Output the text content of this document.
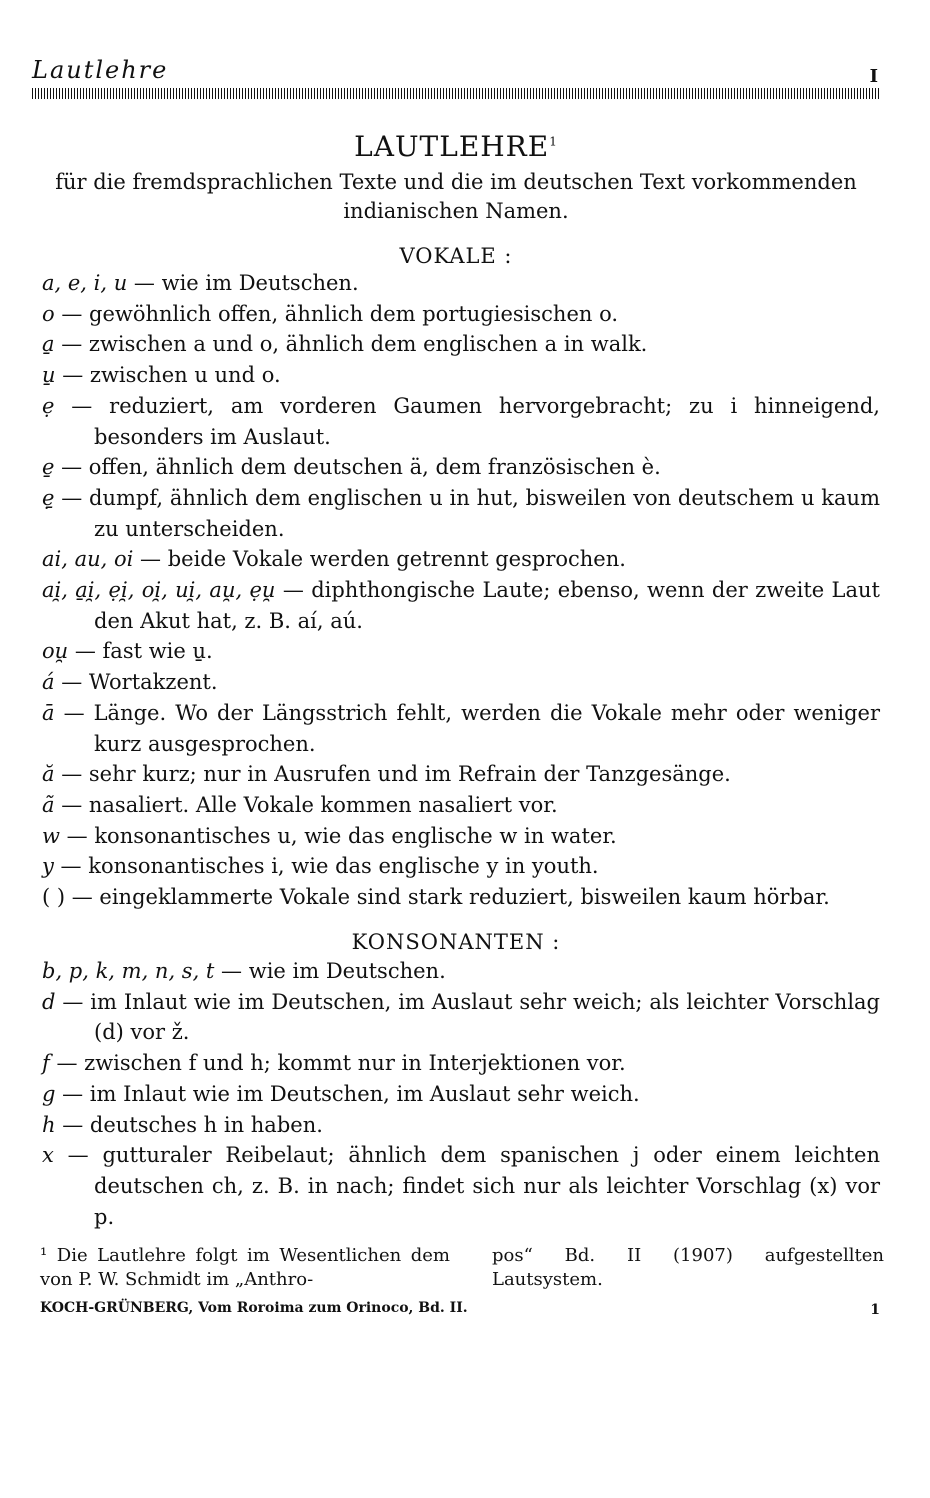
Lautlehre	I
LAUTLEHRE$^1$
für die fremdsprachlichen Texte und die im deutschen Text vorkommenden indianischen Namen.
VOKALE :
a, e, i, u — wie im Deutschen.
o — gewöhnlich offen, ähnlich dem portugiesischen o.
a̱ — zwischen a und o, ähnlich dem englischen a in walk.
u̱ — zwischen u und o.
ẹ — reduziert, am vorderen Gaumen hervorgebracht; zu i hinneigend, besonders im Auslaut.
e̱ — offen, ähnlich dem deutschen ä, dem französischen è.
ẹ̱ — dumpf, ähnlich dem englischen u in hut, bisweilen von deutschem u kaum zu unterscheiden.
ai, au, oi — beide Vokale werden getrennt gesprochen.
ai̯, a̱i̯, ẹi̯, oi̯, ui̯, au̯, ẹu̯ — diphthongische Laute; ebenso, wenn der zweite Laut den Akut hat, z. B. aí, aú.
ou̯ — fast wie u̱.
á — Wortakzent.
ā — Länge. Wo der Längsstrich fehlt, werden die Vokale mehr oder weniger kurz ausgesprochen.
ă — sehr kurz; nur in Ausrufen und im Refrain der Tanzgesänge.
ã — nasaliert. Alle Vokale kommen nasaliert vor.
w — konsonantisches u, wie das englische w in water.
y — konsonantisches i, wie das englische y in youth.
( ) — eingeklammerte Vokale sind stark reduziert, bisweilen kaum hörbar.
KONSONANTEN :
b, p, k, m, n, s, t — wie im Deutschen.
d — im Inlaut wie im Deutschen, im Auslaut sehr weich; als leichter Vorschlag (d) vor ž.
f — zwischen f und h; kommt nur in Interjektionen vor.
g — im Inlaut wie im Deutschen, im Auslaut sehr weich.
h — deutsches h in haben.
x — gutturaler Reibelaut; ähnlich dem spanischen j oder einem leichten deutschen ch, z. B. in nach; findet sich nur als leichter Vorschlag (x) vor p.
¹ Die Lautlehre folgt im Wesentlichen dem von P. W. Schmidt im „Anthro-
pos“ Bd. II (1907) aufgestellten Lautsystem.
KOCH-GRÜNBERG, Vom Roroima zum Orinoco, Bd. II.	1
